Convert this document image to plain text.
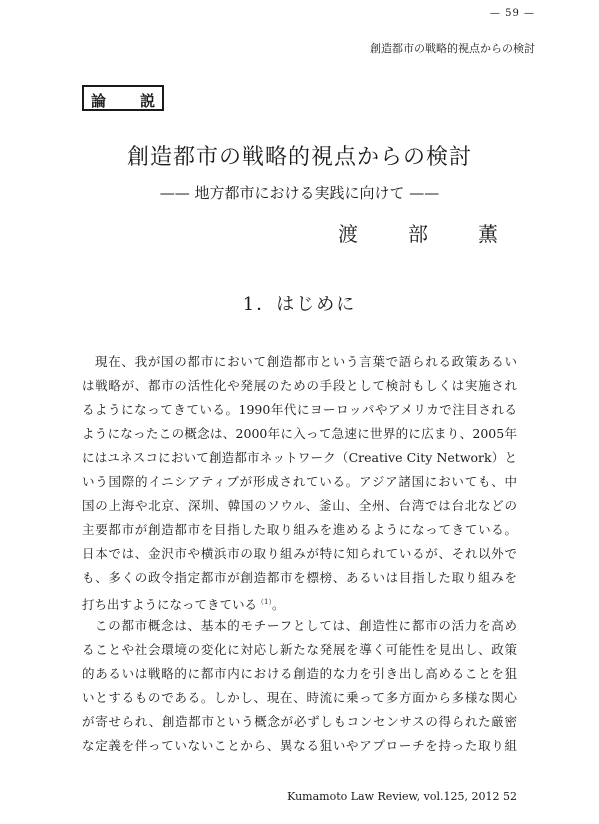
— 59 —
創造都市の戦略的視点からの検討
論 説
創造都市の戦略的視点からの検討
—— 地方都市における実践に向けて ——
渡	部	薫
1．はじめに
現在、我が国の都市において創造都市という言葉で語られる政策あるい
は戦略が、都市の活性化や発展のための手段として検討もしくは実施され
るようになってきている。1990年代にヨーロッパやアメリカで注目される
ようになったこの概念は、2000年に入って急速に世界的に広まり、2005年
にはユネスコにおいて創造都市ネットワーク（Creative City Network）と
いう国際的イニシアティブが形成されている。アジア諸国においても、中
国の上海や北京、深圳、韓国のソウル、釜山、全州、台湾では台北などの
主要都市が創造都市を目指した取り組みを進めるようになってきている。
日本では、金沢市や横浜市の取り組みが特に知られているが、それ以外で
も、多くの政令指定都市が創造都市を標榜、あるいは目指した取り組みを
打ち出すようになってきている$^{(1)}$。
この都市概念は、基本的モチーフとしては、創造性に都市の活力を高め
ることや社会環境の変化に対応し新たな発展を導く可能性を見出し、政策
的あるいは戦略的に都市内における創造的な力を引き出し高めることを狙
いとするものである。しかし、現在、時流に乗って多方面から多様な関心
が寄せられ、創造都市という概念が必ずしもコンセンサスの得られた厳密
な定義を伴っていないことから、異なる狙いやアプローチを持った取り組
Kumamoto Law Review, vol.125, 2012 52
